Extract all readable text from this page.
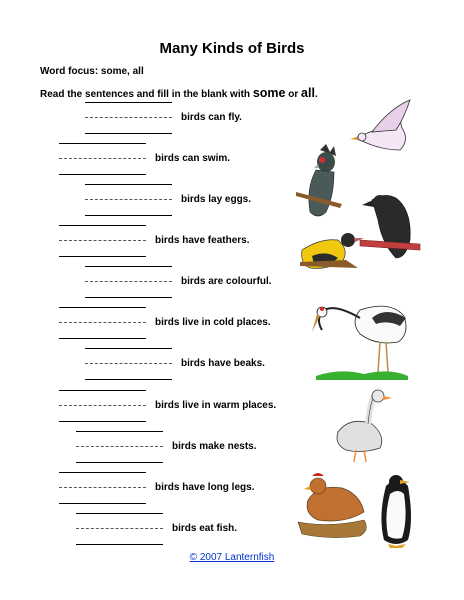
Many Kinds of Birds
Word focus: some, all
Read the sentences and fill in the blank with some or all.
birds can fly.
birds can swim.
birds lay eggs.
birds have feathers.
birds are colourful.
birds live in cold places.
birds have beaks.
birds live in warm places.
birds make nests.
birds have long legs.
birds eat fish.
© 2007 Lanternfish
